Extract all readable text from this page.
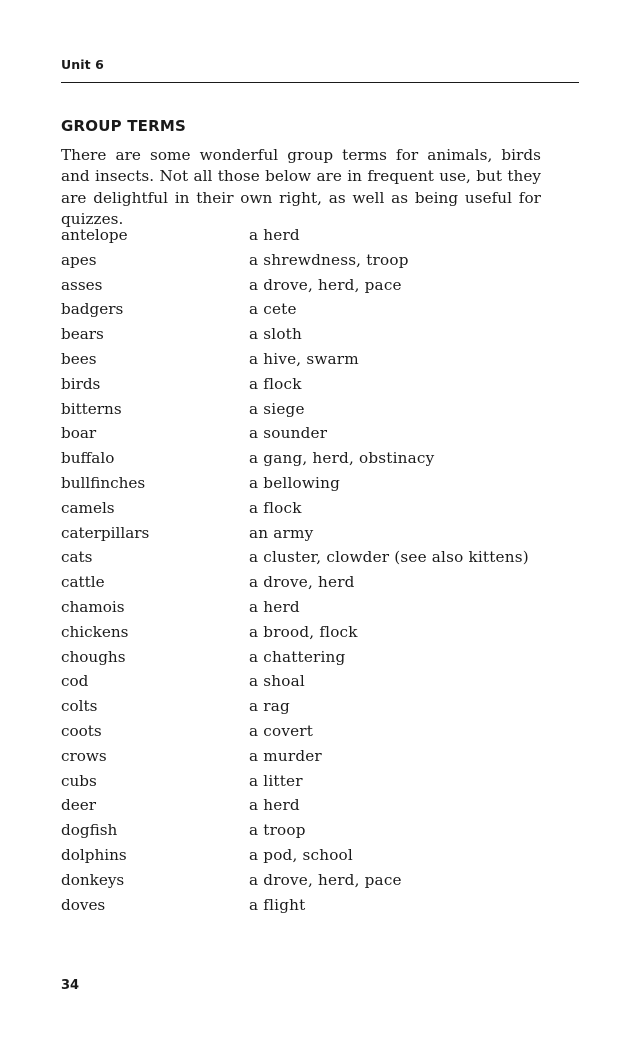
Unit 6
GROUP TERMS

There are some wonderful group terms for animals, birds and insects. Not all those below are in frequent use, but they are delightful in their own right, as well as being useful for quizzes.

antelope	a herd
apes	a shrewdness, troop
asses	a drove, herd, pace
badgers	a cete
bears	a sloth
bees	a hive, swarm
birds	a flock
bitterns	a siege
boar	a sounder
buffalo	a gang, herd, obstinacy
bullfinches	a bellowing
camels	a flock
caterpillars	an army
cats	a cluster, clowder (see also kittens)
cattle	a drove, herd
chamois	a herd
chickens	a brood, flock
choughs	a chattering
cod	a shoal
colts	a rag
coots	a covert
crows	a murder
cubs	a litter
deer	a herd
dogfish	a troop
dolphins	a pod, school
donkeys	a drove, herd, pace
doves	a flight
34
